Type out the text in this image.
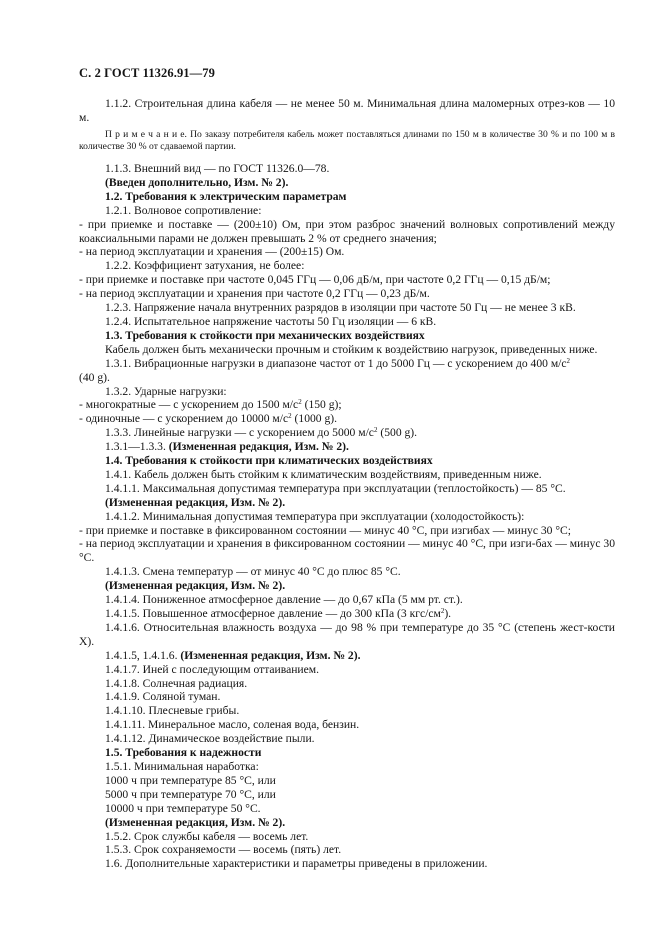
С. 2 ГОСТ 11326.91—79

1.1.2. Строительная длина кабеля — не менее 50 м. Минимальная длина маломерных отрез-ков — 10 м.

П р и м е ч а н и е. По заказу потребителя кабель может поставляться длинами по 150 м в количестве 30 % и по 100 м в количестве 30 % от сдаваемой партии.

1.1.3. Внешний вид — по ГОСТ 11326.0—78.

(Введен дополнительно, Изм. № 2).

1.2. Требования к электрическим параметрам

1.2.1. Волновое сопротивление:

- при приемке и поставке — (200±10) Ом, при этом разброс значений волновых сопротивлений между коаксиальными парами не должен превышать 2 % от среднего значения;

- на период эксплуатации и хранения — (200±15) Ом.

1.2.2. Коэффициент затухания, не более:

- при приемке и поставке при частоте 0,045 ГГц — 0,06 дБ/м, при частоте 0,2 ГГц — 0,15 дБ/м;

- на период эксплуатации и хранения при частоте 0,2 ГГц — 0,23 дБ/м.

1.2.3. Напряжение начала внутренних разрядов в изоляции при частоте 50 Гц — не менее 3 кВ.

1.2.4. Испытательное напряжение частоты 50 Гц изоляции — 6 кВ.

1.3. Требования к стойкости при механических воздействиях

Кабель должен быть механически прочным и стойким к воздействию нагрузок, приведенных ниже.

1.3.1. Вибрационные нагрузки в диапазоне частот от 1 до 5000 Гц — с ускорением до 400 $м/с^2$

(40 g).

1.3.2. Ударные нагрузки:

- многократные — с ускорением до 1500 $м/с^2$ (150 g);

- одиночные — с ускорением до 10000 $м/с^2$ (1000 g).

1.3.3. Линейные нагрузки — с ускорением до 5000 $м/с^2$ (500 g).

1.3.1—1.3.3. (Измененная редакция, Изм. № 2).

1.4. Требования к стойкости при климатических воздействиях

1.4.1. Кабель должен быть стойким к климатическим воздействиям, приведенным ниже.

1.4.1.1. Максимальная допустимая температура при эксплуатации (теплостойкость) — 85 °С.

(Измененная редакция, Изм. № 2).

1.4.1.2. Минимальная допустимая температура при эксплуатации (холодостойкость):

- при приемке и поставке в фиксированном состоянии — минус 40 °С, при изгибах — минус 30 °С;

- на период эксплуатации и хранения в фиксированном состоянии — минус 40 °С, при изги-бах — минус 30 °С.

1.4.1.3. Смена температур — от минус 40 °С до плюс 85 °С.

(Измененная редакция, Изм. № 2).

1.4.1.4. Пониженное атмосферное давление — до 0,67 кПа (5 мм рт. ст.).

1.4.1.5. Повышенное атмосферное давление — до 300 кПа (3 кгс/$см^2$).

1.4.1.6. Относительная влажность воздуха — до 98 % при температуре до 35 °С (степень жест-кости Х).

1.4.1.5, 1.4.1.6. (Измененная редакция, Изм. № 2).

1.4.1.7. Иней с последующим оттаиванием.

1.4.1.8. Солнечная радиация.

1.4.1.9. Соляной туман.

1.4.1.10. Плесневые грибы.

1.4.1.11. Минеральное масло, соленая вода, бензин.

1.4.1.12. Динамическое воздействие пыли.

1.5. Требования к надежности

1.5.1. Минимальная наработка:

1000 ч при температуре 85 °С, или

5000 ч при температуре 70 °С, или

10000 ч при температуре 50 °С.

(Измененная редакция, Изм. № 2).

1.5.2. Срок службы кабеля — восемь лет.

1.5.3. Срок сохраняемости — восемь (пять) лет.

1.6. Дополнительные характеристики и параметры приведены в приложении.
